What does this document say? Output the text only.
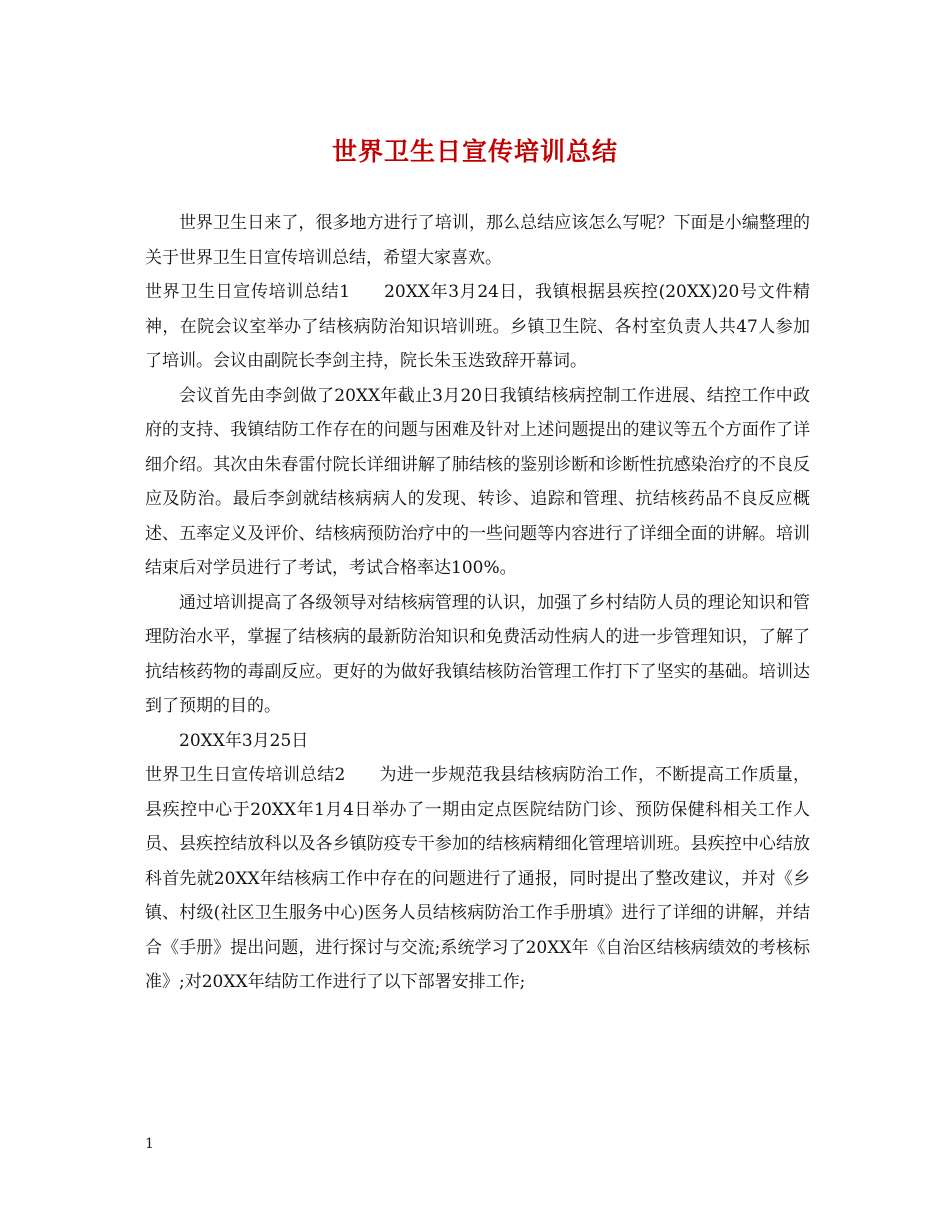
世界卫生日宣传培训总结

世界卫生日来了，很多地方进行了培训，那么总结应该怎么写呢？下面是小编整理的关于世界卫生日宣传培训总结，希望大家喜欢。

世界卫生日宣传培训总结1 20XX年3月24日，我镇根据县疾控(20XX)20号文件精神，在院会议室举办了结核病防治知识培训班。乡镇卫生院、各村室负责人共47人参加了培训。会议由副院长李剑主持，院长朱玉迭致辞开幕词。

会议首先由李剑做了20XX年截止3月20日我镇结核病控制工作进展、结控工作中政府的支持、我镇结防工作存在的问题与困难及针对上述问题提出的建议等五个方面作了详细介绍。其次由朱春雷付院长详细讲解了肺结核的鉴别诊断和诊断性抗感染治疗的不良反应及防治。最后李剑就结核病病人的发现、转诊、追踪和管理、抗结核药品不良反应概述、五率定义及评价、结核病预防治疗中的一些问题等内容进行了详细全面的讲解。培训结束后对学员进行了考试，考试合格率达100%。

通过培训提高了各级领导对结核病管理的认识，加强了乡村结防人员的理论知识和管理防治水平，掌握了结核病的最新防治知识和免费活动性病人的进一步管理知识，了解了抗结核药物的毒副反应。更好的为做好我镇结核防治管理工作打下了坚实的基础。培训达到了预期的目的。

20XX年3月25日

世界卫生日宣传培训总结2 为进一步规范我县结核病防治工作，不断提高工作质量，县疾控中心于20XX年1月4日举办了一期由定点医院结防门诊、预防保健科相关工作人员、县疾控结放科以及各乡镇防疫专干参加的结核病精细化管理培训班。县疾控中心结放科首先就20XX年结核病工作中存在的问题进行了通报，同时提出了整改建议，并对《乡镇、村级(社区卫生服务中心)医务人员结核病防治工作手册填》进行了详细的讲解，并结合《手册》提出问题，进行探讨与交流;系统学习了20XX年《自治区结核病绩效的考核标准》;对20XX年结防工作进行了以下部署安排工作;

1
